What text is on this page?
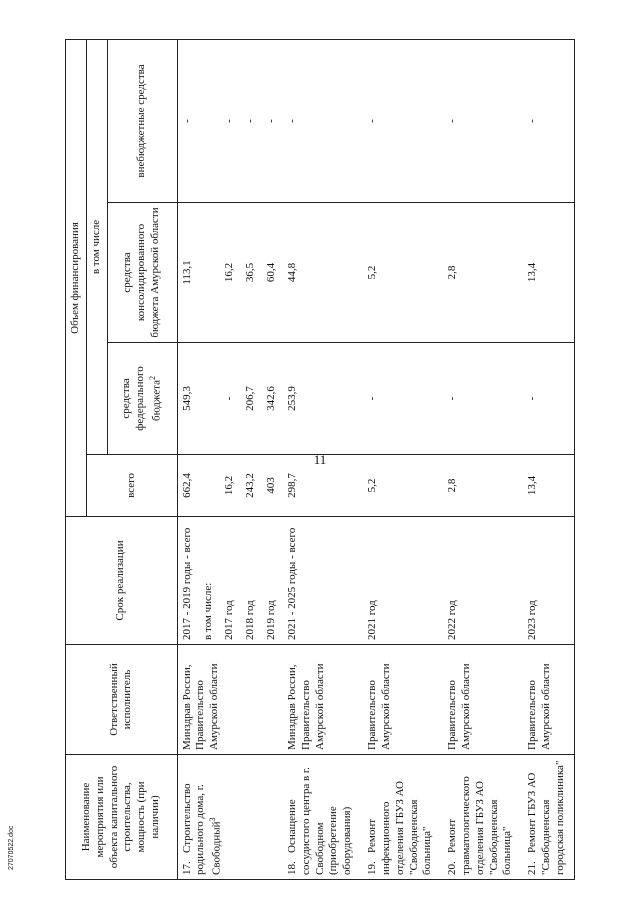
11
Наименование мероприятия или объекта капитального строительства, мощность (при наличии)	Ответственный исполнитель	Срок реализации	Объем финансирования			
			всего	в том числе		
				средства федерального бюджета$^2$	средства консолидированного бюджета Амурской области	внебюджетные средства
17.Строительство родильного дома, г. Свободный$^3$	Минздрав России, Правительство Амурской области	2017 - 2019 годы - всего	662,4	549,3	113,1	-
		в том числе:				
		2017 год	16,2	-	16,2	-
		2018 год	243,2	206,7	36,5	-
		2019 год	403	342,6	60,4	-
18.Оснащение сосудистого центра в г. Свободном (приобретение оборудования)	Минздрав России, Правительство Амурской области	2021 - 2025 годы - всего	298,7	253,9	44,8	-
19.Ремонт инфекционного отделения ГБУЗ АО "Свободненская больница"	Правительство Амурской области	2021 год	5,2	-	5,2	-
20.Ремонт травматологического отделения ГБУЗ АО "Свободненская больница"	Правительство Амурской области	2022 год	2,8	-	2,8	-
21.Ремонт ГБУЗ АО "Свободненская городская поликлиника"	Правительство Амурской области	2023 год	13,4	-	13,4	-
27070522.doc
